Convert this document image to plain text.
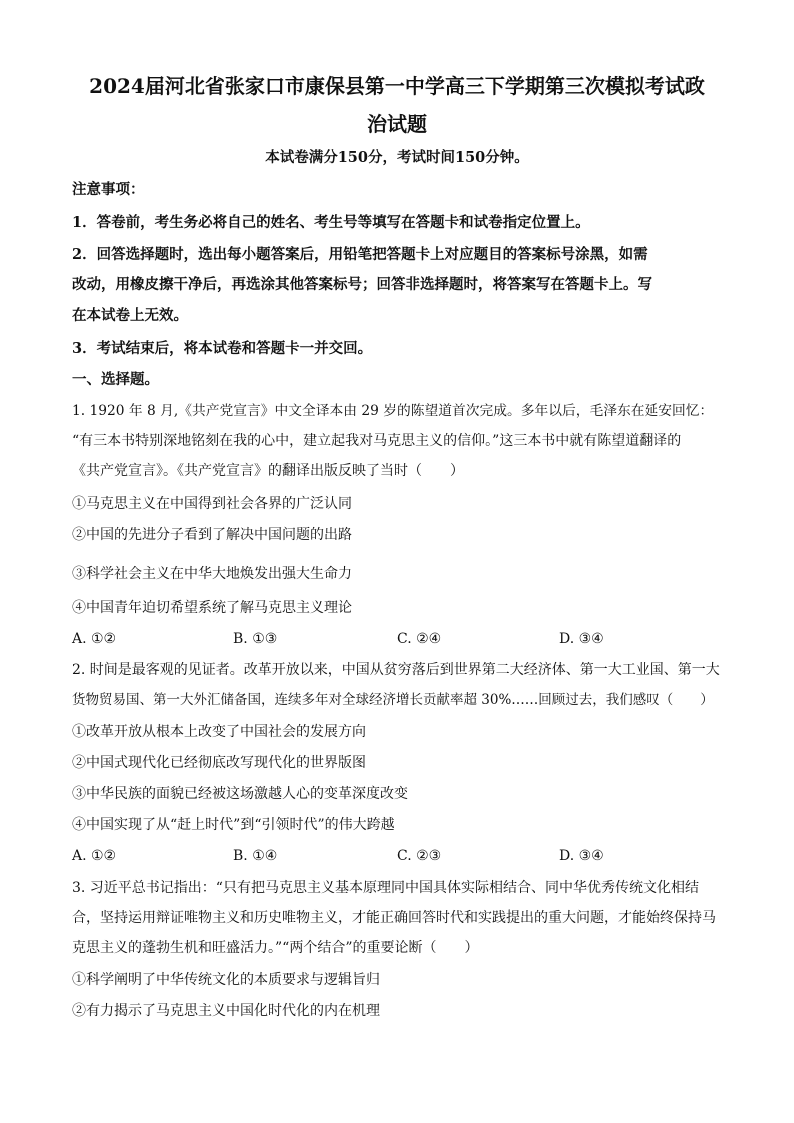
2024届河北省张家口市康保县第一中学高三下学期第三次模拟考试政
治试题
本试卷满分150分，考试时间150分钟。
注意事项：
1．答卷前，考生务必将自己的姓名、考生号等填写在答题卡和试卷指定位置上。
2．回答选择题时，选出每小题答案后，用铅笔把答题卡上对应题目的答案标号涂黑，如需
改动，用橡皮擦干净后，再选涂其他答案标号；回答非选择题时，将答案写在答题卡上。写
在本试卷上无效。
3．考试结束后，将本试卷和答题卡一并交回。
一、选择题。
1. 1920 年 8 月,《共产党宣言》中文全译本由 29 岁的陈望道首次完成。多年以后，毛泽东在延安回忆：
“有三本书特别深地铭刻在我的心中，建立起我对马克思主义的信仰。”这三本书中就有陈望道翻译的
《共产党宣言》。《共产党宣言》的翻译出版反映了当时（　　）
①马克思主义在中国得到社会各界的广泛认同
②中国的先进分子看到了解决中国问题的出路
③科学社会主义在中华大地焕发出强大生命力
④中国青年迫切希望系统了解马克思主义理论
A. ①②	B. ①③	C. ②④	D. ③④
2. 时间是最客观的见证者。改革开放以来，中国从贫穷落后到世界第二大经济体、第一大工业国、第一大
货物贸易国、第一大外汇储备国，连续多年对全球经济增长贡献率超 30%……回顾过去，我们感叹（　　）
①改革开放从根本上改变了中国社会的发展方向
②中国式现代化已经彻底改写现代化的世界版图
③中华民族的面貌已经被这场激越人心的变革深度改变
④中国实现了从“赶上时代”到“引领时代”的伟大跨越
A. ①②	B. ①④	C. ②③	D. ③④
3. 习近平总书记指出：“只有把马克思主义基本原理同中国具体实际相结合、同中华优秀传统文化相结
合，坚持运用辩证唯物主义和历史唯物主义，才能正确回答时代和实践提出的重大问题，才能始终保持马
克思主义的蓬勃生机和旺盛活力。”“两个结合”的重要论断（　　）
①科学阐明了中华传统文化的本质要求与逻辑旨归
②有力揭示了马克思主义中国化时代化的内在机理
